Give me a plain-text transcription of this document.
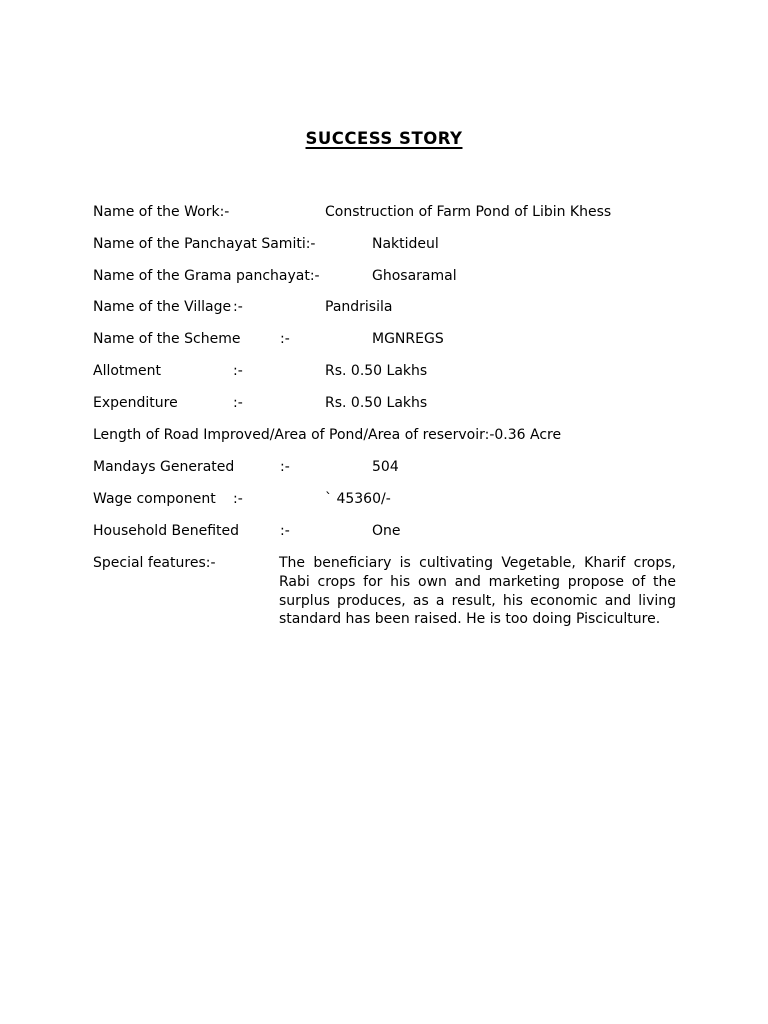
SUCCESS STORY
Name of the Work:-	Construction of Farm Pond of Libin Khess
Name of the Panchayat Samiti:-	Naktideul
Name of the Grama panchayat:-	Ghosaramal
Name of the Village :-	Pandrisila
Name of the Scheme	:-	MGNREGS
Allotment	:-	Rs. 0.50 Lakhs
Expenditure	:-	Rs. 0.50 Lakhs
Length of Road Improved/Area of Pond/Area of reservoir:-0.36 Acre
Mandays Generated	:-	504
Wage component :-	` 45360/-
Household Benefited	:-	One
Special features:-	The beneficiary is cultivating Vegetable, Kharif crops, Rabi crops for his own and marketing propose of the surplus produces, as a result, his economic and living standard has been raised. He is too doing Pisciculture.
